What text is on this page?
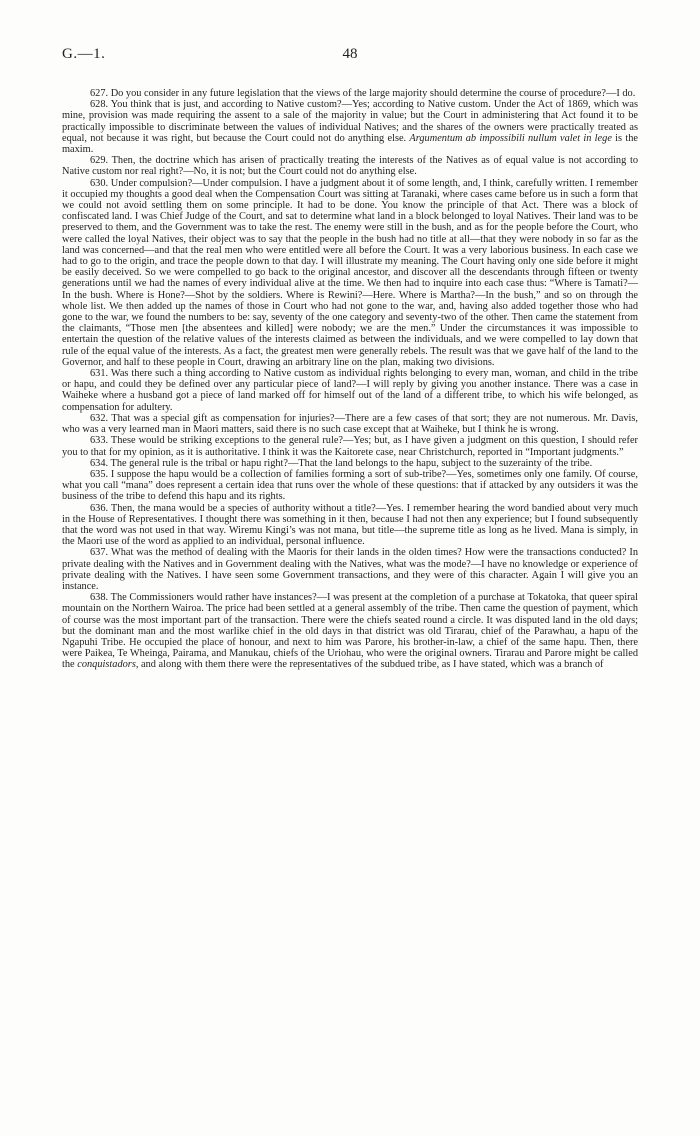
G.—1.	48

627. Do you consider in any future legislation that the views of the large majority should determine the course of procedure?—I do.

628. You think that is just, and according to Native custom?—Yes; according to Native custom. Under the Act of 1869, which was mine, provision was made requiring the assent to a sale of the majority in value; but the Court in administering that Act found it to be practically impossible to discriminate between the values of individual Natives; and the shares of the owners were practically treated as equal, not because it was right, but because the Court could not do anything else. Argumentum ab impossibili nullum valet in lege is the maxim.

629. Then, the doctrine which has arisen of practically treating the interests of the Natives as of equal value is not according to Native custom nor real right?—No, it is not; but the Court could not do anything else.

630. Under compulsion?—Under compulsion. I have a judgment about it of some length, and, I think, carefully written. I remember it occupied my thoughts a good deal when the Compensation Court was sitting at Taranaki, where cases came before us in such a form that we could not avoid settling them on some principle. It had to be done. You know the principle of that Act. There was a block of confiscated land. I was Chief Judge of the Court, and sat to determine what land in a block belonged to loyal Natives. Their land was to be preserved to them, and the Government was to take the rest. The enemy were still in the bush, and as for the people before the Court, who were called the loyal Natives, their object was to say that the people in the bush had no title at all—that they were nobody in so far as the land was concerned—and that the real men who were entitled were all before the Court. It was a very laborious business. In each case we had to go to the origin, and trace the people down to that day. I will illustrate my meaning. The Court having only one side before it might be easily deceived. So we were compelled to go back to the original ancestor, and discover all the descendants through fifteen or twenty generations until we had the names of every individual alive at the time. We then had to inquire into each case thus: “Where is Tamati?—In the bush. Where is Hone?—Shot by the soldiers. Where is Rewini?—Here. Where is Martha?—In the bush,” and so on through the whole list. We then added up the names of those in Court who had not gone to the war, and, having also added together those who had gone to the war, we found the numbers to be: say, seventy of the one category and seventy-two of the other. Then came the statement from the claimants, “Those men [the absentees and killed] were nobody; we are the men.” Under the circumstances it was impossible to entertain the question of the relative values of the interests claimed as between the individuals, and we were compelled to lay down that rule of the equal value of the interests. As a fact, the greatest men were generally rebels. The result was that we gave half of the land to the Governor, and half to these people in Court, drawing an arbitrary line on the plan, making two divisions.

631. Was there such a thing according to Native custom as individual rights belonging to every man, woman, and child in the tribe or hapu, and could they be defined over any particular piece of land?—I will reply by giving you another instance. There was a case in Waiheke where a husband got a piece of land marked off for himself out of the land of a different tribe, to which his wife belonged, as compensation for adultery.

632. That was a special gift as compensation for injuries?—There are a few cases of that sort; they are not numerous. Mr. Davis, who was a very learned man in Maori matters, said there is no such case except that at Waiheke, but I think he is wrong.

633. These would be striking exceptions to the general rule?—Yes; but, as I have given a judgment on this question, I should refer you to that for my opinion, as it is authoritative. I think it was the Kaitorete case, near Christchurch, reported in “Important judgments.”

634. The general rule is the tribal or hapu right?—That the land belongs to the hapu, subject to the suzerainty of the tribe.

635. I suppose the hapu would be a collection of families forming a sort of sub-tribe?—Yes, sometimes only one family. Of course, what you call “mana” does represent a certain idea that runs over the whole of these questions: that if attacked by any outsiders it was the business of the tribe to defend this hapu and its rights.

636. Then, the mana would be a species of authority without a title?—Yes. I remember hearing the word bandied about very much in the House of Representatives. I thought there was something in it then, because I had not then any experience; but I found subsequently that the word was not used in that way. Wiremu Kingi’s was not mana, but title—the supreme title as long as he lived. Mana is simply, in the Maori use of the word as applied to an individual, personal influence.

637. What was the method of dealing with the Maoris for their lands in the olden times? How were the transactions conducted? In private dealing with the Natives and in Government dealing with the Natives, what was the mode?—I have no knowledge or experience of private dealing with the Natives. I have seen some Government transactions, and they were of this character. Again I will give you an instance.

638. The Commissioners would rather have instances?—I was present at the completion of a purchase at Tokatoka, that queer spiral mountain on the Northern Wairoa. The price had been settled at a general assembly of the tribe. Then came the question of payment, which of course was the most important part of the transaction. There were the chiefs seated round a circle. It was disputed land in the old days; but the dominant man and the most warlike chief in the old days in that district was old Tirarau, chief of the Parawhau, a hapu of the Ngapuhi Tribe. He occupied the place of honour, and next to him was Parore, his brother-in-law, a chief of the same hapu. Then, there were Paikea, Te Wheinga, Pairama, and Manukau, chiefs of the Uriohau, who were the original owners. Tirarau and Parore might be called the conquistadors, and along with them there were the representatives of the subdued tribe, as I have stated, which was a branch of
